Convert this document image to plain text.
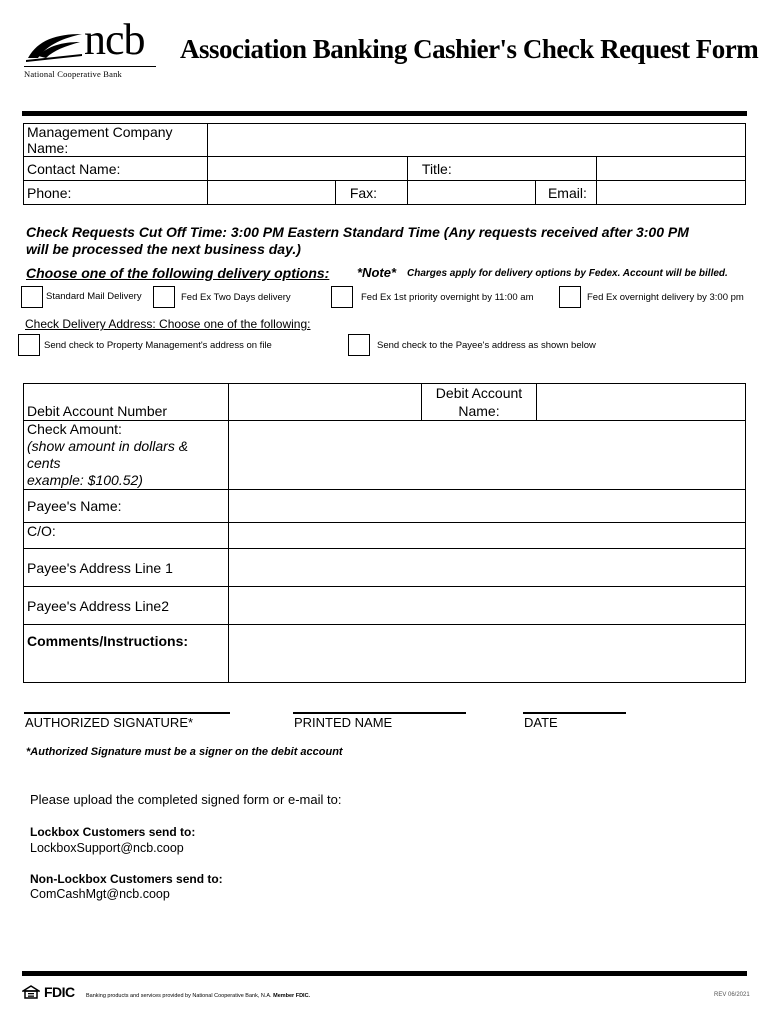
ncb
National Cooperative Bank
Association Banking Cashier's Check Request Form
Management Company Name:					
Contact Name:			Title:		
Phone:		Fax:		Email:	
Check Requests Cut Off Time: 3:00 PM Eastern Standard Time (Any requests received after 3:00 PM
will be processed the next business day.)
Choose one of the following delivery options: *Note* Charges apply for delivery options by Fedex. Account will be billed.
Standard Mail Delivery	Fed Ex Two Days delivery	Fed Ex 1st priority overnight by 11:00 am	Fed Ex overnight delivery by 3:00 pm
Check Delivery Address: Choose one of the following:
Send check to Property Management's address on file	Send check to the Payee's address as shown below
Debit Account Number		Debit Account
Name:	

Check Amount:
(show amount in dollars & cents
example: $100.52)			

Payee's Name:			
C/O:			
Payee's Address Line 1			
Payee's Address Line2			
Comments/Instructions:			
AUTHORIZED SIGNATURE*	PRINTED NAME	DATE
*Authorized Signature must be a signer on the debit account
Please upload the completed signed form or e-mail to:
Lockbox Customers send to:
LockboxSupport@ncb.coop
Non-Lockbox Customers send to:
ComCashMgt@ncb.coop
FDIC Banking products and services provided by National Cooperative Bank, N.A. Member FDIC.	REV 06/2021
